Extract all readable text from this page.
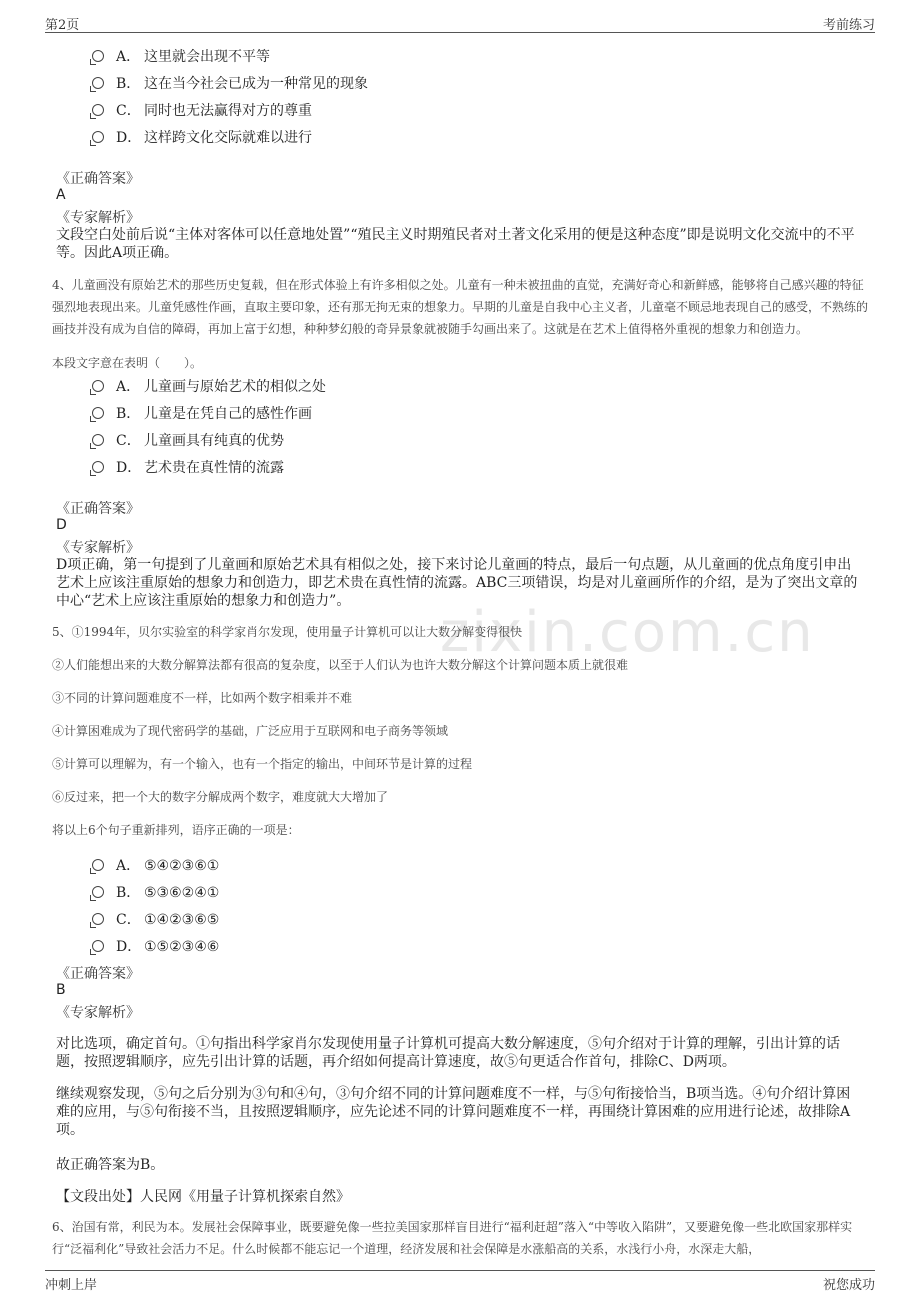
第2页	考前练习
zixin.com.cn
A． 这里就会出现不平等
B． 这在当今社会已成为一种常见的现象
C． 同时也无法赢得对方的尊重
D． 这样跨文化交际就难以进行
《正确答案》
A
《专家解析》
文段空白处前后说“主体对客体可以任意地处置”“殖民主义时期殖民者对土著文化采用的便是这种态度”即是说明文化交流中的不平等。因此A项正确。
4、儿童画没有原始艺术的那些历史复载，但在形式体验上有许多相似之处。儿童有一种未被扭曲的直觉，充满好奇心和新鲜感，能够将自己感兴趣的特征强烈地表现出来。儿童凭感性作画，直取主要印象，还有那无拘无束的想象力。早期的儿童是自我中心主义者，儿童毫不顾忌地表现自己的感受，不熟练的画技并没有成为自信的障碍，再加上富于幻想，种种梦幻般的奇异景象就被随手勾画出来了。这就是在艺术上值得格外重视的想象力和创造力。
本段文字意在表明（　　）。
A． 儿童画与原始艺术的相似之处
B． 儿童是在凭自己的感性作画
C． 儿童画具有纯真的优势
D． 艺术贵在真性情的流露
《正确答案》
D
《专家解析》
D项正确，第一句提到了儿童画和原始艺术具有相似之处，接下来讨论儿童画的特点，最后一句点题，从儿童画的优点角度引申出艺术上应该注重原始的想象力和创造力，即艺术贵在真性情的流露。ABC三项错误，均是对儿童画所作的介绍，是为了突出文章的中心“艺术上应该注重原始的想象力和创造力”。
5、①1994年，贝尔实验室的科学家肖尔发现，使用量子计算机可以让大数分解变得很快
②人们能想出来的大数分解算法都有很高的复杂度，以至于人们认为也许大数分解这个计算问题本质上就很难
③不同的计算问题难度不一样，比如两个数字相乘并不难
④计算困难成为了现代密码学的基础，广泛应用于互联网和电子商务等领域
⑤计算可以理解为，有一个输入，也有一个指定的输出，中间环节是计算的过程
⑥反过来，把一个大的数字分解成两个数字，难度就大大增加了
将以上6个句子重新排列，语序正确的一项是：
A． ⑤④②③⑥①
B． ⑤③⑥②④①
C． ①④②③⑥⑤
D． ①⑤②③④⑥
《正确答案》
B
《专家解析》
对比选项，确定首句。①句指出科学家肖尔发现使用量子计算机可提高大数分解速度，⑤句介绍对于计算的理解，引出计算的话题，按照逻辑顺序，应先引出计算的话题，再介绍如何提高计算速度，故⑤句更适合作首句，排除C、D两项。
继续观察发现，⑤句之后分别为③句和④句，③句介绍不同的计算问题难度不一样，与⑤句衔接恰当，B项当选。④句介绍计算困难的应用，与⑤句衔接不当，且按照逻辑顺序，应先论述不同的计算问题难度不一样，再围绕计算困难的应用进行论述，故排除A项。
故正确答案为B。
【文段出处】人民网《用量子计算机探索自然》
6、治国有常，利民为本。发展社会保障事业，既要避免像一些拉美国家那样盲目进行“福利赶超”落入“中等收入陷阱”，又要避免像一些北欧国家那样实行“泛福利化”导致社会活力不足。什么时候都不能忘记一个道理，经济发展和社会保障是水涨船高的关系，水浅行小舟，水深走大船，
冲刺上岸	祝您成功
